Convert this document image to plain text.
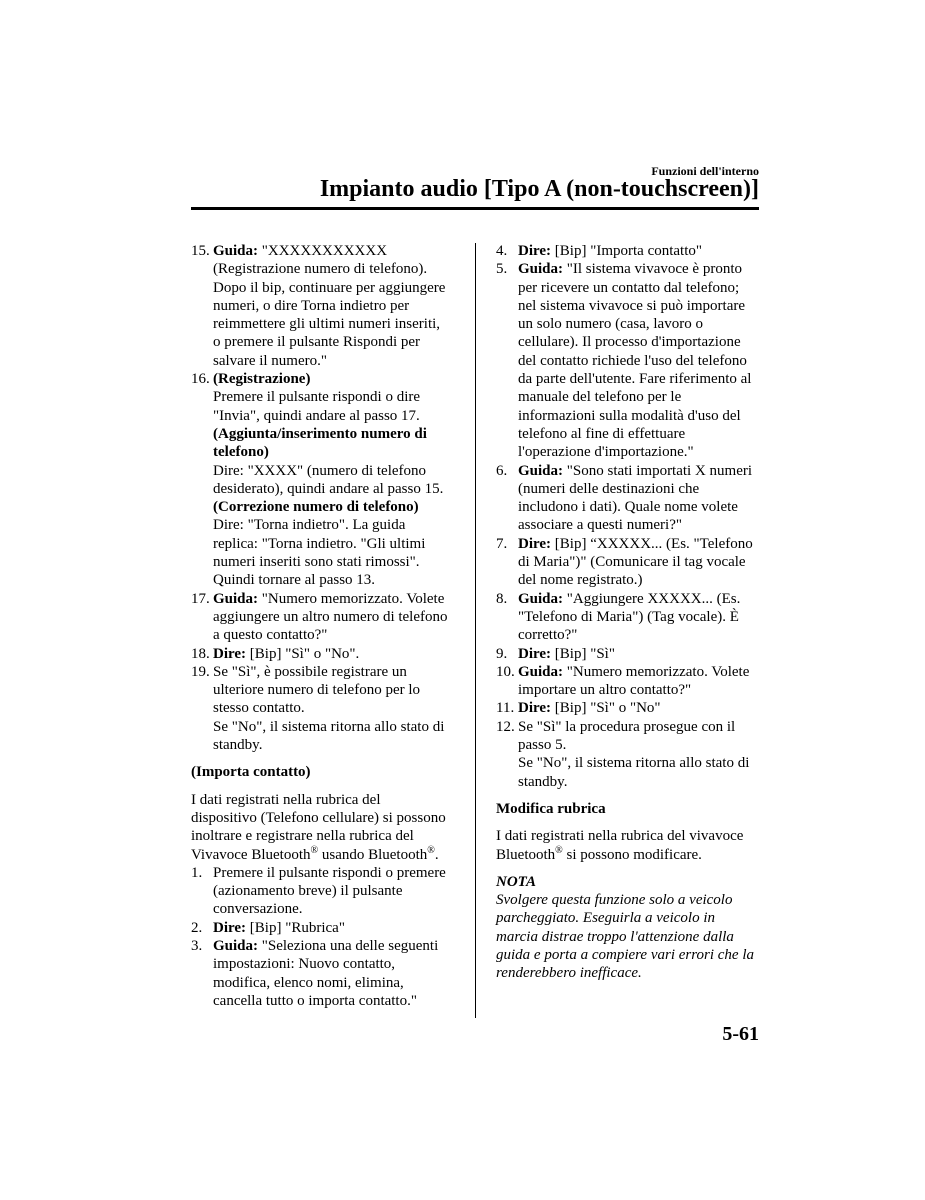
Funzioni dell'interno
Impianto audio [Tipo A (non-touchscreen)]
15. Guida: "XXXXXXXXXXX
(Registrazione numero di telefono).
Dopo il bip, continuare per aggiungere
numeri, o dire Torna indietro per
reimmettere gli ultimi numeri inseriti,
o premere il pulsante Rispondi per
salvare il numero."
16. (Registrazione)
Premere il pulsante rispondi o dire
"Invia", quindi andare al passo 17.
(Aggiunta/inserimento numero di
telefono)
Dire: "XXXX" (numero di telefono
desiderato), quindi andare al passo 15.
(Correzione numero di telefono)
Dire: "Torna indietro". La guida
replica: "Torna indietro. "Gli ultimi
numeri inseriti sono stati rimossi".
Quindi tornare al passo 13.
17. Guida: "Numero memorizzato. Volete
aggiungere un altro numero di telefono
a questo contatto?"
18. Dire: [Bip] "Sì" o "No".
19. Se "Sì", è possibile registrare un
ulteriore numero di telefono per lo
stesso contatto.
Se "No", il sistema ritorna allo stato di
standby.
(Importa contatto)
I dati registrati nella rubrica del
dispositivo (Telefono cellulare) si possono
inoltrare e registrare nella rubrica del
Vivavoce Bluetooth® usando Bluetooth®.
1. Premere il pulsante rispondi o premere
(azionamento breve) il pulsante
conversazione.
2. Dire: [Bip] "Rubrica"
3. Guida: "Seleziona una delle seguenti
impostazioni: Nuovo contatto,
modifica, elenco nomi, elimina,
cancella tutto o importa contatto."
4. Dire: [Bip] "Importa contatto"
5. Guida: "Il sistema vivavoce è pronto
per ricevere un contatto dal telefono;
nel sistema vivavoce si può importare
un solo numero (casa, lavoro o
cellulare). Il processo d'importazione
del contatto richiede l'uso del telefono
da parte dell'utente. Fare riferimento al
manuale del telefono per le
informazioni sulla modalità d'uso del
telefono al fine di effettuare
l'operazione d'importazione."
6. Guida: "Sono stati importati X numeri
(numeri delle destinazioni che
includono i dati). Quale nome volete
associare a questi numeri?"
7. Dire: [Bip] “XXXXX... (Es. "Telefono
di Maria")" (Comunicare il tag vocale
del nome registrato.)
8. Guida: "Aggiungere XXXXX... (Es.
"Telefono di Maria") (Tag vocale). È
corretto?"
9. Dire: [Bip] "Sì"
10. Guida: "Numero memorizzato. Volete
importare un altro contatto?"
11. Dire: [Bip] "Sì" o "No"
12. Se "Sì" la procedura prosegue con il
passo 5.
Se "No", il sistema ritorna allo stato di
standby.
Modifica rubrica
I dati registrati nella rubrica del vivavoce
Bluetooth® si possono modificare.
NOTA
Svolgere questa funzione solo a veicolo
parcheggiato. Eseguirla a veicolo in
marcia distrae troppo l'attenzione dalla
guida e porta a compiere vari errori che la
renderebbero inefficace.
5-61
